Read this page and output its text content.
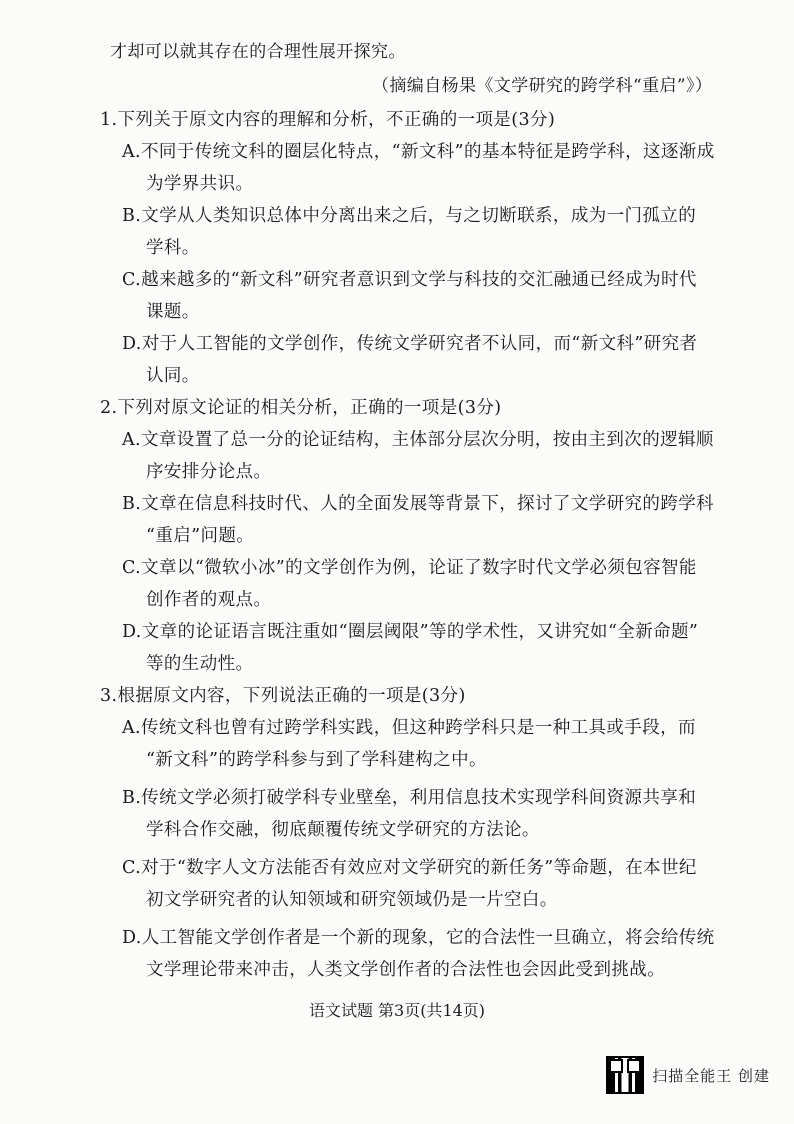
才却可以就其存在的合理性展开探究。
（摘编自杨果《文学研究的跨学科“重启”》）
1.下列关于原文内容的理解和分析，不正确的一项是(3分)
A.不同于传统文科的圈层化特点，“新文科”的基本特征是跨学科，这逐渐成
为学界共识。
B.文学从人类知识总体中分离出来之后，与之切断联系，成为一门孤立的
学科。
C.越来越多的“新文科”研究者意识到文学与科技的交汇融通已经成为时代
课题。
D.对于人工智能的文学创作，传统文学研究者不认同，而“新文科”研究者
认同。
2.下列对原文论证的相关分析，正确的一项是(3分)
A.文章设置了总一分的论证结构，主体部分层次分明，按由主到次的逻辑顺
序安排分论点。
B.文章在信息科技时代、人的全面发展等背景下，探讨了文学研究的跨学科
“重启”问题。
C.文章以“微软小冰”的文学创作为例，论证了数字时代文学必须包容智能
创作者的观点。
D.文章的论证语言既注重如“圈层阈限”等的学术性，又讲究如“全新命题”
等的生动性。
3.根据原文内容，下列说法正确的一项是(3分)
A.传统文科也曾有过跨学科实践，但这种跨学科只是一种工具或手段，而
“新文科”的跨学科参与到了学科建构之中。
B.传统文学必须打破学科专业壁垒，利用信息技术实现学科间资源共享和
学科合作交融，彻底颠覆传统文学研究的方法论。
C.对于“数字人文方法能否有效应对文学研究的新任务”等命题，在本世纪
初文学研究者的认知领域和研究领域仍是一片空白。
D.人工智能文学创作者是一个新的现象，它的合法性一旦确立，将会给传统
文学理论带来冲击，人类文学创作者的合法性也会因此受到挑战。
语文试题 第3页(共14页)
扫描全能王 创建
